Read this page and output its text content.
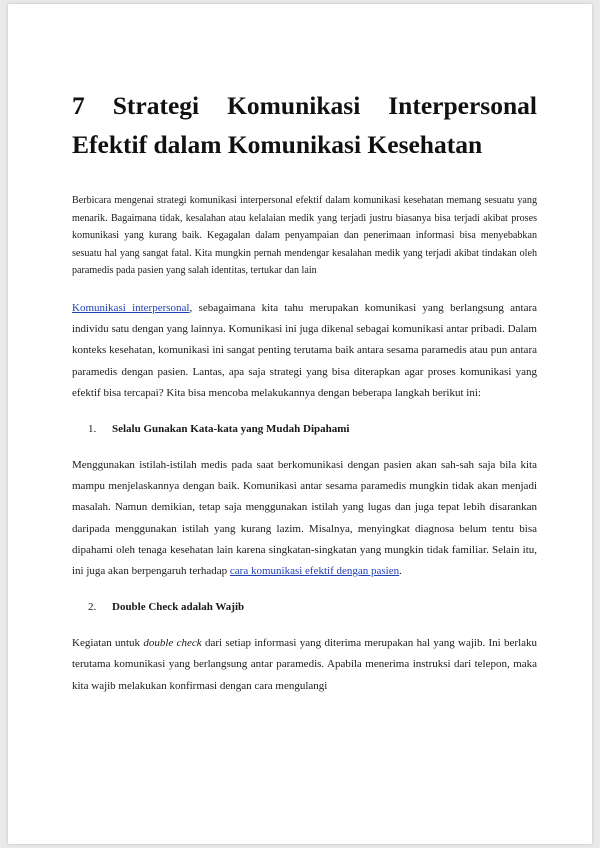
7 Strategi Komunikasi Interpersonal
Efektif dalam Komunikasi Kesehatan

Berbicara mengenai strategi komunikasi interpersonal efektif dalam komunikasi kesehatan memang sesuatu yang menarik. Bagaimana tidak, kesalahan atau kelalaian medik yang terjadi justru biasanya bisa terjadi akibat proses komunikasi yang kurang baik. Kegagalan dalam penyampaian dan penerimaan informasi bisa menyebabkan sesuatu hal yang sangat fatal. Kita mungkin pernah mendengar kesalahan medik yang terjadi akibat tindakan oleh paramedis pada pasien yang salah identitas, tertukar dan lain

Komunikasi interpersonal, sebagaimana kita tahu merupakan komunikasi yang berlangsung antara individu satu dengan yang lainnya. Komunikasi ini juga dikenal sebagai komunikasi antar pribadi. Dalam konteks kesehatan, komunikasi ini sangat penting terutama baik antara sesama paramedis atau pun antara paramedis dengan pasien. Lantas, apa saja strategi yang bisa diterapkan agar proses komunikasi yang efektif bisa tercapai? Kita bisa mencoba melakukannya dengan beberapa langkah berikut ini:

1. Selalu Gunakan Kata-kata yang Mudah Dipahami

Menggunakan istilah-istilah medis pada saat berkomunikasi dengan pasien akan sah-sah saja bila kita mampu menjelaskannya dengan baik. Komunikasi antar sesama paramedis mungkin tidak akan menjadi masalah. Namun demikian, tetap saja menggunakan istilah yang lugas dan juga tepat lebih disarankan daripada menggunakan istilah yang kurang lazim. Misalnya, menyingkat diagnosa belum tentu bisa dipahami oleh tenaga kesehatan lain karena singkatan-singkatan yang mungkin tidak familiar. Selain itu, ini juga akan berpengaruh terhadap cara komunikasi efektif dengan pasien.

2. Double Check adalah Wajib

Kegiatan untuk double check dari setiap informasi yang diterima merupakan hal yang wajib. Ini berlaku terutama komunikasi yang berlangsung antar paramedis. Apabila menerima instruksi dari telepon, maka kita wajib melakukan konfirmasi dengan cara mengulangi
